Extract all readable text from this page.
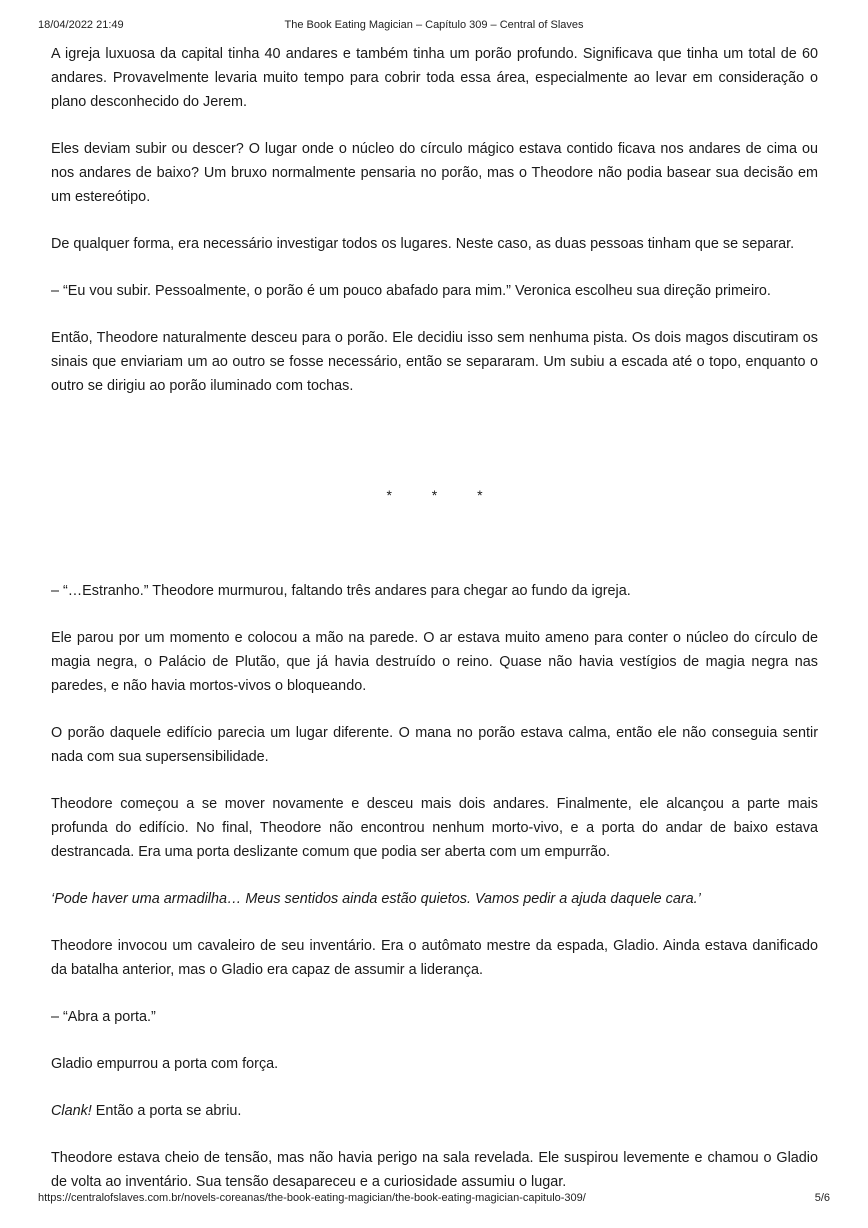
18/04/2022 21:49	The Book Eating Magician – Capítulo 309 – Central of Slaves

A igreja luxuosa da capital tinha 40 andares e também tinha um porão profundo. Significava que tinha um total de 60 andares. Provavelmente levaria muito tempo para cobrir toda essa área, especialmente ao levar em consideração o plano desconhecido do Jerem.

Eles deviam subir ou descer? O lugar onde o núcleo do círculo mágico estava contido ficava nos andares de cima ou nos andares de baixo? Um bruxo normalmente pensaria no porão, mas o Theodore não podia basear sua decisão em um estereótipo.

De qualquer forma, era necessário investigar todos os lugares. Neste caso, as duas pessoas tinham que se separar.

– “Eu vou subir. Pessoalmente, o porão é um pouco abafado para mim.” Veronica escolheu sua direção primeiro.

Então, Theodore naturalmente desceu para o porão. Ele decidiu isso sem nenhuma pista. Os dois magos discutiram os sinais que enviariam um ao outro se fosse necessário, então se separaram. Um subiu a escada até o topo, enquanto o outro se dirigiu ao porão iluminado com tochas.

* * *

– “…Estranho.” Theodore murmurou, faltando três andares para chegar ao fundo da igreja.

Ele parou por um momento e colocou a mão na parede. O ar estava muito ameno para conter o núcleo do círculo de magia negra, o Palácio de Plutão, que já havia destruído o reino. Quase não havia vestígios de magia negra nas paredes, e não havia mortos-vivos o bloqueando.

O porão daquele edifício parecia um lugar diferente. O mana no porão estava calma, então ele não conseguia sentir nada com sua supersensibilidade.

Theodore começou a se mover novamente e desceu mais dois andares. Finalmente, ele alcançou a parte mais profunda do edifício. No final, Theodore não encontrou nenhum morto-vivo, e a porta do andar de baixo estava destrancada. Era uma porta deslizante comum que podia ser aberta com um empurrão.

‘Pode haver uma armadilha… Meus sentidos ainda estão quietos. Vamos pedir a ajuda daquele cara.’

Theodore invocou um cavaleiro de seu inventário. Era o autômato mestre da espada, Gladio. Ainda estava danificado da batalha anterior, mas o Gladio era capaz de assumir a liderança.

– “Abra a porta.”

Gladio empurrou a porta com força.

Clank! Então a porta se abriu.

Theodore estava cheio de tensão, mas não havia perigo na sala revelada. Ele suspirou levemente e chamou o Gladio de volta ao inventário. Sua tensão desapareceu e a curiosidade assumiu o lugar.

https://centralofslaves.com.br/novels-coreanas/the-book-eating-magician/the-book-eating-magician-capitulo-309/	5/6
